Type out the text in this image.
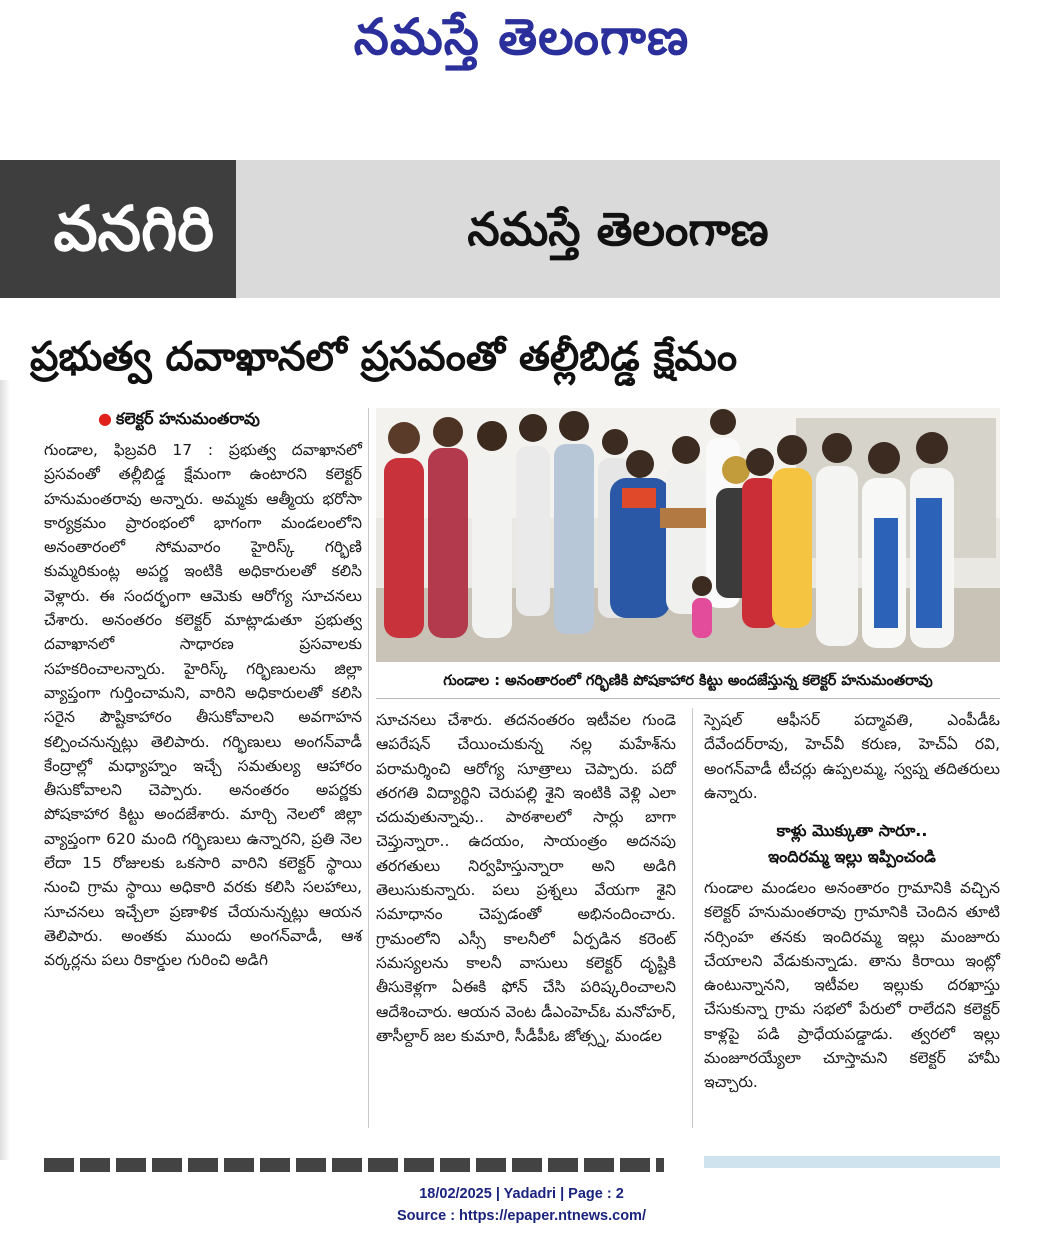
నమస్తే తెలంగాణ
వనగిరి	నమస్తే తెలంగాణ
ప్రభుత్వ దవాఖానలో ప్రసవంతో తల్లీబిడ్డ క్షేమం
● కలెక్టర్ హనుమంతరావు
గుండాల, ఫిబ్రవరి 17 : ప్రభుత్వ దవాఖానలో ప్రసవంతో తల్లీబిడ్డ క్షేమంగా ఉంటారని కలెక్టర్ హనుమంతరావు అన్నారు. అమ్మకు ఆత్మీయ భరోసా కార్యక్రమం ప్రారంభంలో భాగంగా మండలంలోని అనంతారంలో సోమవారం హైరిస్క్ గర్భిణి కుమ్మరికుంట్ల అపర్ణ ఇంటికి అధికారులతో కలిసి వెళ్లారు. ఈ సందర్భంగా ఆమెకు ఆరోగ్య సూచనలు చేశారు. అనంతరం కలెక్టర్ మాట్లాడుతూ ప్రభుత్వ దవాఖానలో సాధారణ ప్రసవాలకు సహకరించాలన్నారు. హైరిస్క్ గర్భిణులను జిల్లా వ్యాప్తంగా గుర్తించామని, వారిని అధికారులతో కలిసి సరైన పౌష్టికాహారం తీసుకోవాలని అవగాహన కల్పించనున్నట్లు తెలిపారు. గర్భిణులు అంగన్‌వాడీ కేంద్రాల్లో మధ్యాహ్నం ఇచ్చే సమతుల్య ఆహారం తీసుకోవాలని చెప్పారు. అనంతరం అపర్ణకు పోషకాహార కిట్టు అందజేశారు. మార్చి నెలలో జిల్లా వ్యాప్తంగా 620 మంది గర్భిణులు ఉన్నారని, ప్రతి నెల లేదా 15 రోజులకు ఒకసారి వారిని కలెక్టర్ స్థాయి నుంచి గ్రామ స్థాయి అధికారి వరకు కలిసి సలహాలు, సూచనలు ఇచ్చేలా ప్రణాళిక చేయనున్నట్లు ఆయన తెలిపారు. అంతకు ముందు అంగన్‌వాడీ, ఆశ వర్కర్లను పలు రికార్డుల గురించి అడిగి
గుండాల : అనంతారంలో గర్భిణికి పోషకాహార కిట్టు అందజేస్తున్న కలెక్టర్ హనుమంతరావు
సూచనలు చేశారు. తదనంతరం ఇటీవల గుండె ఆపరేషన్ చేయించుకున్న నల్ల మహేశ్‌ను పరామర్శించి ఆరోగ్య సూత్రాలు చెప్పారు. పదో తరగతి విద్యార్థిని చెరుపల్లి శైని ఇంటికి వెళ్లి ఎలా చదువుతున్నావు.. పాఠశాలలో సార్లు బాగా చెప్తున్నారా.. ఉదయం, సాయంత్రం అదనపు తరగతులు నిర్వహిస్తున్నారా అని అడిగి తెలుసుకున్నారు. పలు ప్రశ్నలు వేయగా శైని సమాధానం చెప్పడంతో అభినందించారు. గ్రామంలోని ఎస్సీ కాలనీలో ఏర్పడిన కరెంట్ సమస్యలను కాలనీ వాసులు కలెక్టర్ దృష్టికి తీసుకెళ్లగా ఏఈకి ఫోన్ చేసి పరిష్కరించాలని ఆదేశించారు. ఆయన వెంట డీఎంహెచ్‌ఓ మనోహర్, తాసీల్దార్ జల కుమారి, సీడీపీఓ జోత్స్న, మండల
స్పెషల్ ఆఫీసర్ పద్మావతి, ఎంపీడీఓ దేవేందర్‌రావు, హెచ్‌వీ కరుణ, హెచ్‌ఏ రవి, అంగన్‌వాడీ టీచర్లు ఉప్పలమ్మ, స్వప్న తదితరులు ఉన్నారు.
కాళ్లు మొక్కుతా సారూ..
ఇందిరమ్మ ఇల్లు ఇప్పించండి
గుండాల మండలం అనంతారం గ్రామానికి వచ్చిన కలెక్టర్ హనుమంతరావు గ్రామానికి చెందిన తూటి నర్సింహ తనకు ఇందిరమ్మ ఇల్లు మంజూరు చేయాలని వేడుకున్నాడు. తాను కిరాయి ఇంట్లో ఉంటున్నానని, ఇటీవల ఇల్లుకు దరఖాస్తు చేసుకున్నా గ్రామ సభలో పేరులో రాలేదని కలెక్టర్ కాళ్లపై పడి ప్రాధేయపడ్డాడు. త్వరలో ఇల్లు మంజూరయ్యేలా చూస్తామని కలెక్టర్ హామీ ఇచ్చారు.
18/02/2025 | Yadadri | Page : 2
Source : https://epaper.ntnews.com/
